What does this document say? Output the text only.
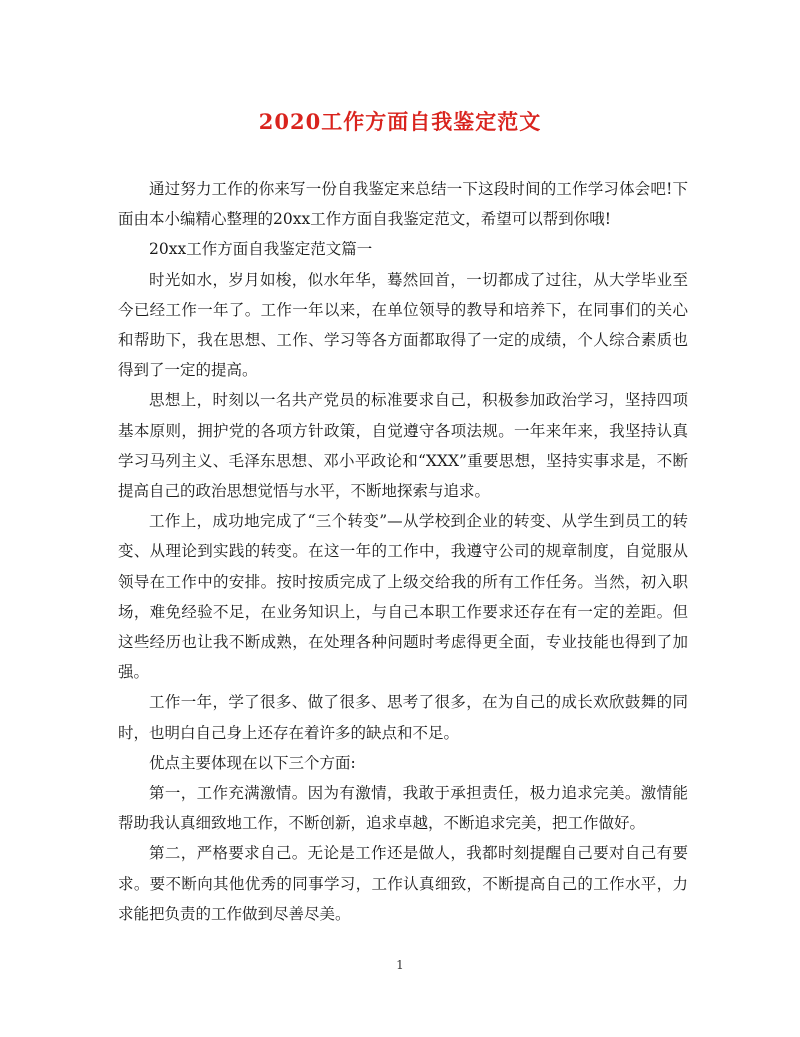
2020工作方面自我鉴定范文

通过努力工作的你来写一份自我鉴定来总结一下这段时间的工作学习体会吧!下面由本小编精心整理的20xx工作方面自我鉴定范文，希望可以帮到你哦!

20xx工作方面自我鉴定范文篇一

时光如水，岁月如梭，似水年华，蓦然回首，一切都成了过往，从大学毕业至今已经工作一年了。工作一年以来，在单位领导的教导和培养下，在同事们的关心和帮助下，我在思想、工作、学习等各方面都取得了一定的成绩，个人综合素质也得到了一定的提高。

思想上，时刻以一名共产党员的标准要求自己，积极参加政治学习，坚持四项基本原则，拥护党的各项方针政策，自觉遵守各项法规。一年来年来，我坚持认真学习马列主义、毛泽东思想、邓小平政论和“XXX”重要思想，坚持实事求是，不断提高自己的政治思想觉悟与水平，不断地探索与追求。

工作上，成功地完成了“三个转变”—从学校到企业的转变、从学生到员工的转变、从理论到实践的转变。在这一年的工作中，我遵守公司的规章制度，自觉服从领导在工作中的安排。按时按质完成了上级交给我的所有工作任务。当然，初入职场，难免经验不足，在业务知识上，与自己本职工作要求还存在有一定的差距。但这些经历也让我不断成熟，在处理各种问题时考虑得更全面，专业技能也得到了加强。

工作一年，学了很多、做了很多、思考了很多，在为自己的成长欢欣鼓舞的同时，也明白自己身上还存在着许多的缺点和不足。

优点主要体现在以下三个方面:

第一，工作充满激情。因为有激情，我敢于承担责任，极力追求完美。激情能帮助我认真细致地工作，不断创新，追求卓越，不断追求完美，把工作做好。

第二，严格要求自己。无论是工作还是做人，我都时刻提醒自己要对自己有要求。要不断向其他优秀的同事学习，工作认真细致，不断提高自己的工作水平，力求能把负责的工作做到尽善尽美。

1
